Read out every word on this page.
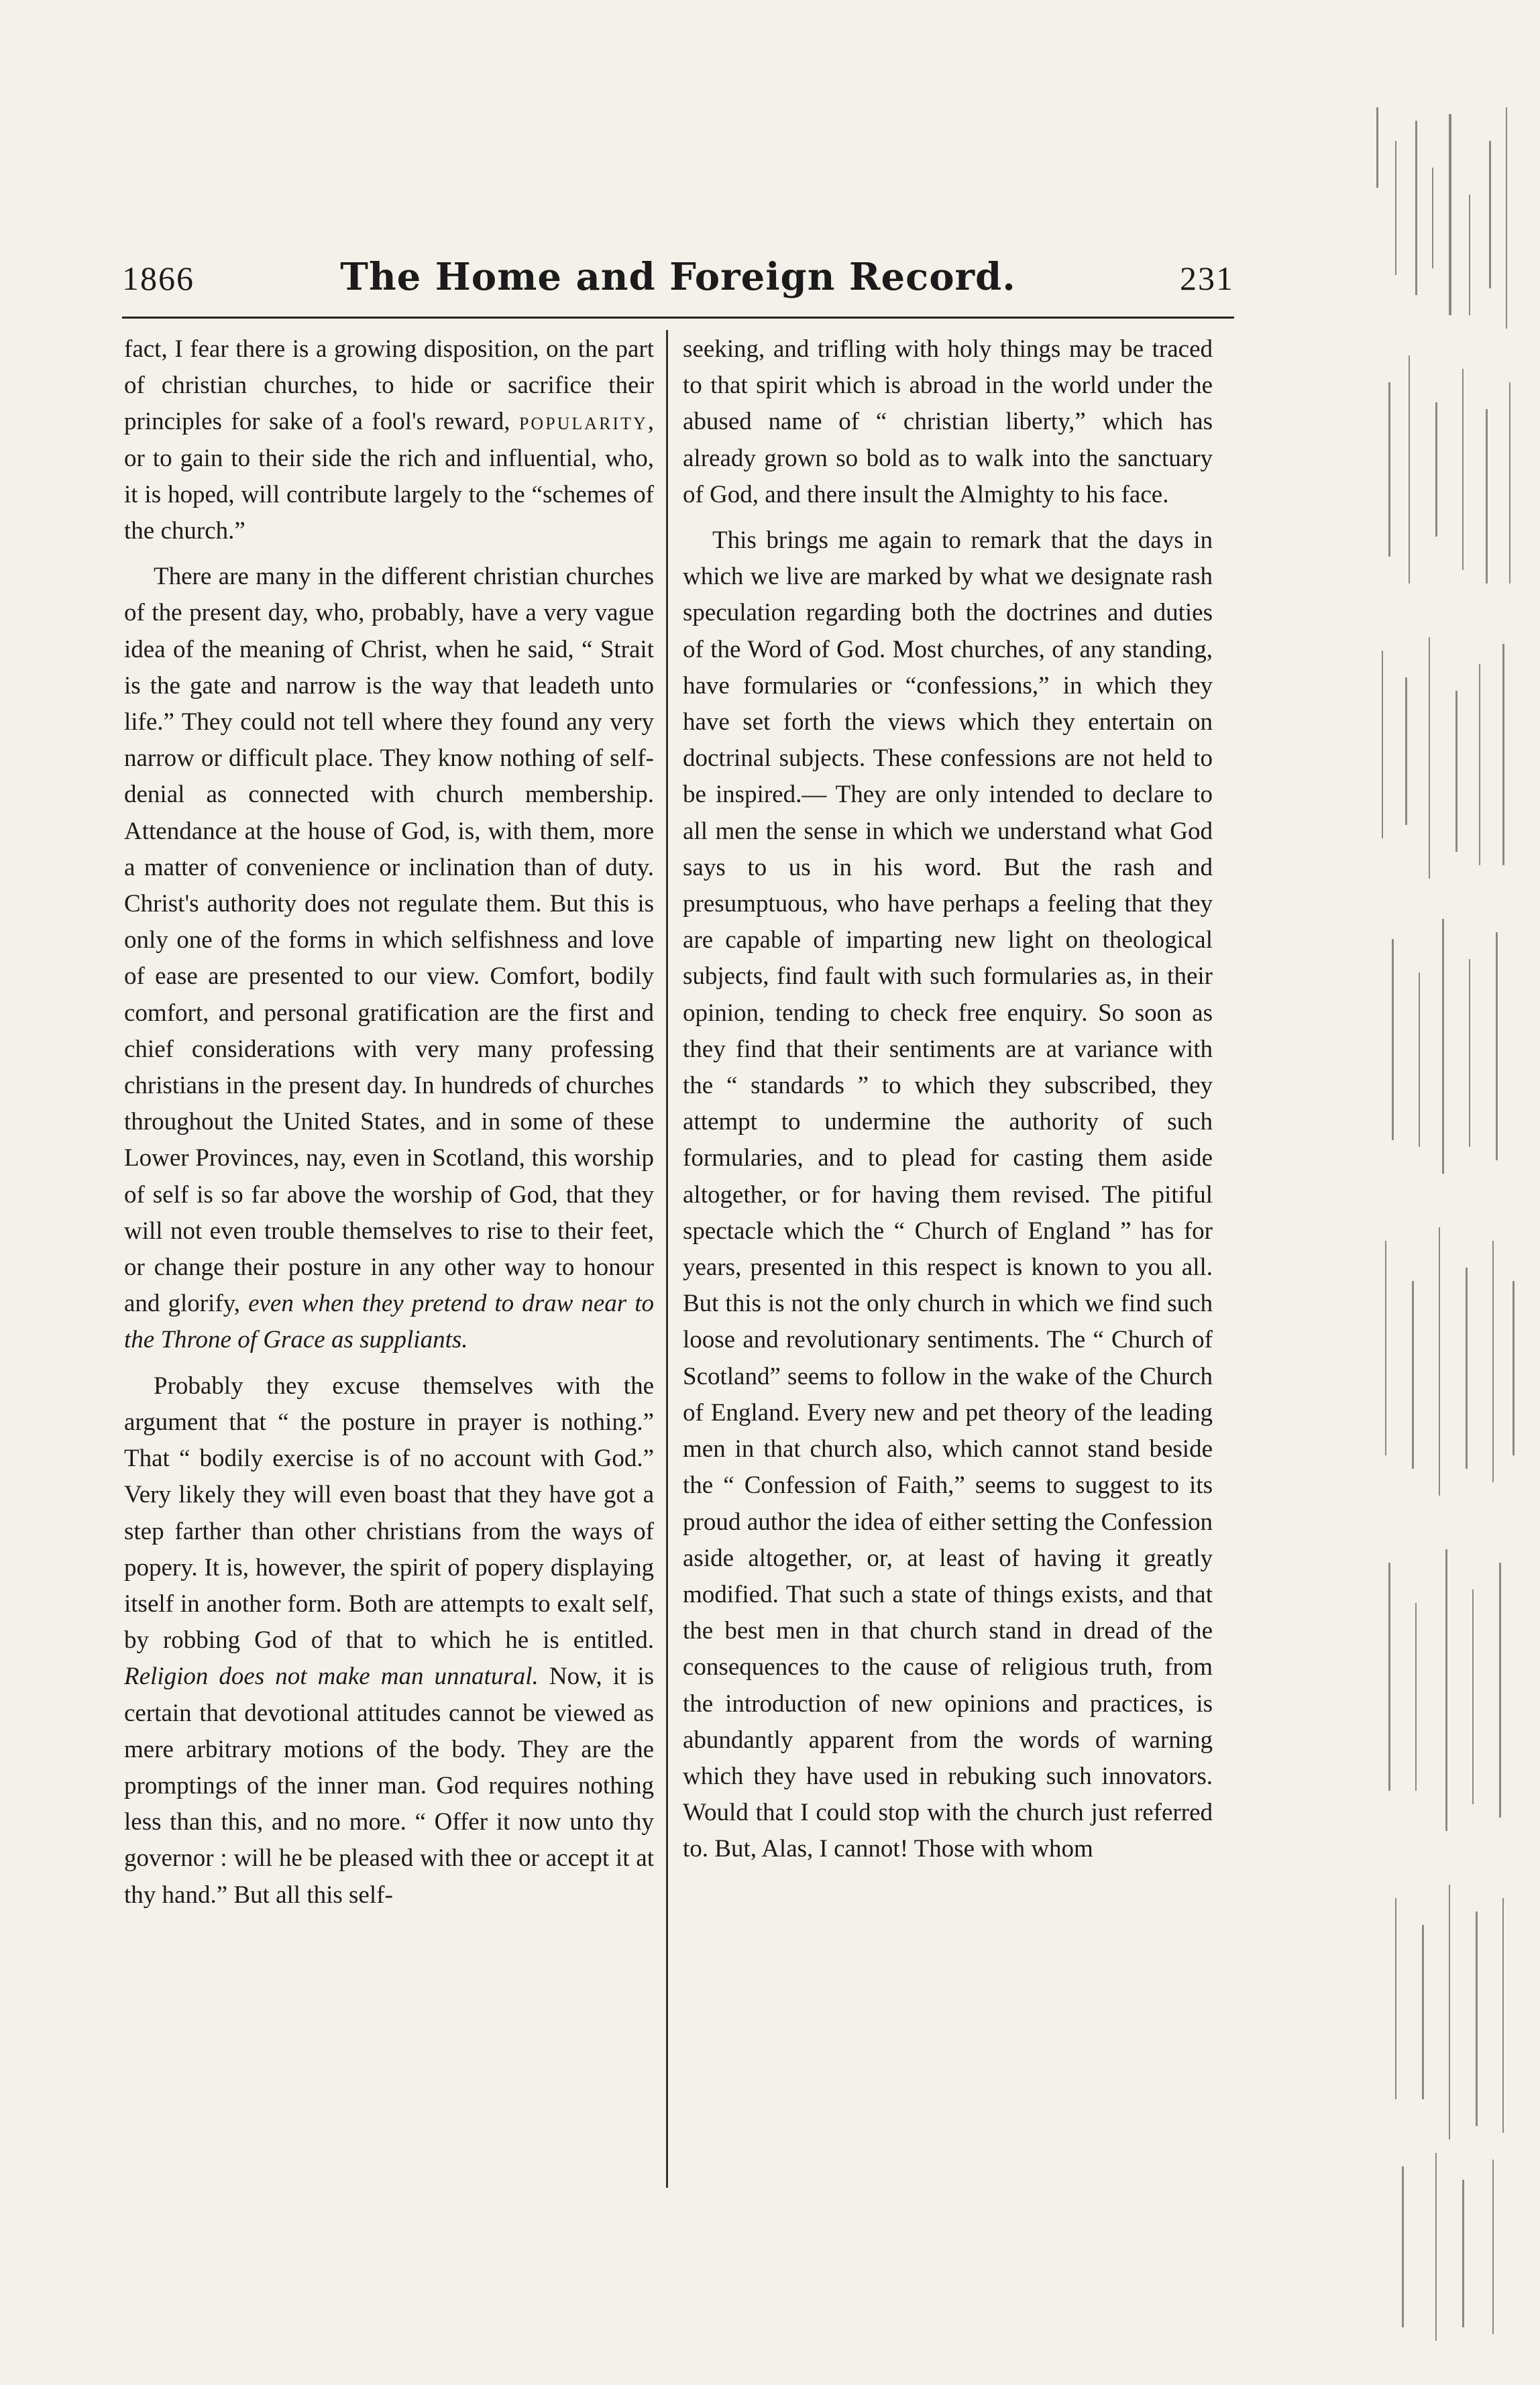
1866	The Home and Foreign Record.	231

fact, I fear there is a growing disposition, on the part of christian churches, to hide or sacrifice their principles for sake of a fool's reward, popularity, or to gain to their side the rich and influential, who, it is hoped, will contribute largely to the “schemes of the church.”

There are many in the different christian churches of the present day, who, probably, have a very vague idea of the meaning of Christ, when he said, “ Strait is the gate and narrow is the way that leadeth unto life.” They could not tell where they found any very narrow or difficult place. They know nothing of self-denial as connected with church membership. Attendance at the house of God, is, with them, more a matter of convenience or inclination than of duty. Christ's authority does not regulate them. But this is only one of the forms in which selfishness and love of ease are presented to our view. Comfort, bodily comfort, and personal gratification are the first and chief considerations with very many professing christians in the present day. In hundreds of churches throughout the United States, and in some of these Lower Provinces, nay, even in Scotland, this worship of self is so far above the worship of God, that they will not even trouble themselves to rise to their feet, or change their posture in any other way to honour and glorify, even when they pretend to draw near to the Throne of Grace as suppliants.

Probably they excuse themselves with the argument that “ the posture in prayer is nothing.” That “ bodily exercise is of no account with God.” Very likely they will even boast that they have got a step farther than other christians from the ways of popery. It is, however, the spirit of popery displaying itself in another form. Both are attempts to exalt self, by robbing God of that to which he is entitled. Religion does not make man unnatural. Now, it is certain that devotional attitudes cannot be viewed as mere arbitrary motions of the body. They are the promptings of the inner man. God requires nothing less than this, and no more. “ Offer it now unto thy governor : will he be pleased with thee or accept it at thy hand.” But all this self-

seeking, and trifling with holy things may be traced to that spirit which is abroad in the world under the abused name of “ christian liberty,” which has already grown so bold as to walk into the sanctuary of God, and there insult the Almighty to his face.

This brings me again to remark that the days in which we live are marked by what we designate rash speculation regarding both the doctrines and duties of the Word of God. Most churches, of any standing, have formularies or “confessions,” in which they have set forth the views which they entertain on doctrinal subjects. These confessions are not held to be inspired.— They are only intended to declare to all men the sense in which we understand what God says to us in his word. But the rash and presumptuous, who have perhaps a feeling that they are capable of imparting new light on theological subjects, find fault with such formularies as, in their opinion, tending to check free enquiry. So soon as they find that their sentiments are at variance with the “ standards ” to which they subscribed, they attempt to undermine the authority of such formularies, and to plead for casting them aside altogether, or for having them revised. The pitiful spectacle which the “ Church of England ” has for years, presented in this respect is known to you all. But this is not the only church in which we find such loose and revolutionary sentiments. The “ Church of Scotland” seems to follow in the wake of the Church of England. Every new and pet theory of the leading men in that church also, which cannot stand beside the “ Confession of Faith,” seems to suggest to its proud author the idea of either setting the Confession aside altogether, or, at least of having it greatly modified. That such a state of things exists, and that the best men in that church stand in dread of the consequences to the cause of religious truth, from the introduction of new opinions and practices, is abundantly apparent from the words of warning which they have used in rebuking such innovators. Would that I could stop with the church just referred to. But, Alas, I cannot! Those with whom
